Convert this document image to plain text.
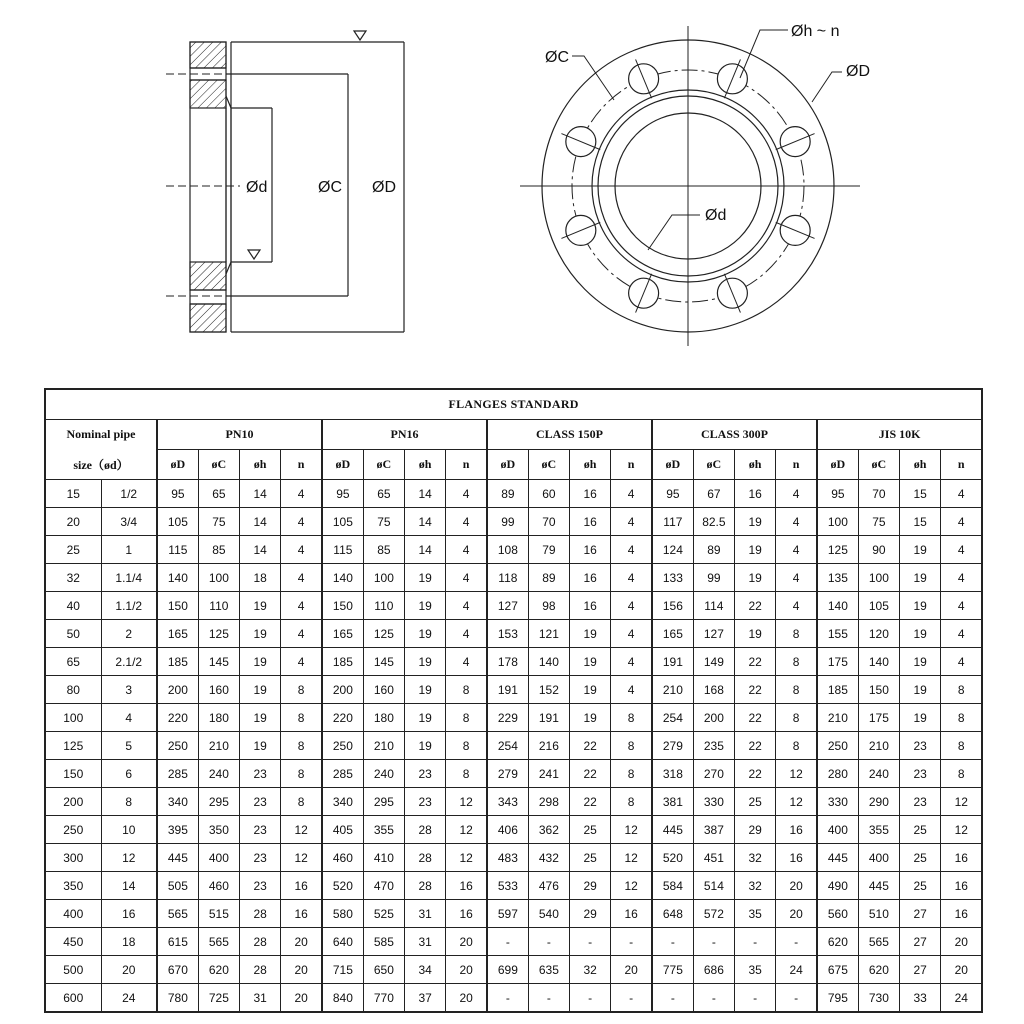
Ød	ØC ØD
ØC
Øh ~ n
ØD
Ød
FLANGES STANDARD																					
Nominal pipe		PN10				PN16				CLASS 150P				CLASS 300P				JIS 10K			
size（ød）		øD	øC	øh	n	øD	øC	øh	n	øD	øC	øh	n	øD	øC	øh	n	øD	øC	øh	n
15	1/2	95	65	14	4	95	65	14	4	89	60	16	4	95	67	16	4	95	70	15	4
20	3/4	105	75	14	4	105	75	14	4	99	70	16	4	117	82.5	19	4	100	75	15	4
25	1	115	85	14	4	115	85	14	4	108	79	16	4	124	89	19	4	125	90	19	4
32	1.1/4	140	100	18	4	140	100	19	4	118	89	16	4	133	99	19	4	135	100	19	4
40	1.1/2	150	110	19	4	150	110	19	4	127	98	16	4	156	114	22	4	140	105	19	4
50	2	165	125	19	4	165	125	19	4	153	121	19	4	165	127	19	8	155	120	19	4
65	2.1/2	185	145	19	4	185	145	19	4	178	140	19	4	191	149	22	8	175	140	19	4
80	3	200	160	19	8	200	160	19	8	191	152	19	4	210	168	22	8	185	150	19	8
100	4	220	180	19	8	220	180	19	8	229	191	19	8	254	200	22	8	210	175	19	8
125	5	250	210	19	8	250	210	19	8	254	216	22	8	279	235	22	8	250	210	23	8
150	6	285	240	23	8	285	240	23	8	279	241	22	8	318	270	22	12	280	240	23	8
200	8	340	295	23	8	340	295	23	12	343	298	22	8	381	330	25	12	330	290	23	12
250	10	395	350	23	12	405	355	28	12	406	362	25	12	445	387	29	16	400	355	25	12
300	12	445	400	23	12	460	410	28	12	483	432	25	12	520	451	32	16	445	400	25	16
350	14	505	460	23	16	520	470	28	16	533	476	29	12	584	514	32	20	490	445	25	16
400	16	565	515	28	16	580	525	31	16	597	540	29	16	648	572	35	20	560	510	27	16
450	18	615	565	28	20	640	585	31	20	-	-	-	-	-	-	-	-	620	565	27	20
500	20	670	620	28	20	715	650	34	20	699	635	32	20	775	686	35	24	675	620	27	20
600	24	780	725	31	20	840	770	37	20	-	-	-	-	-	-	-	-	795	730	33	24
